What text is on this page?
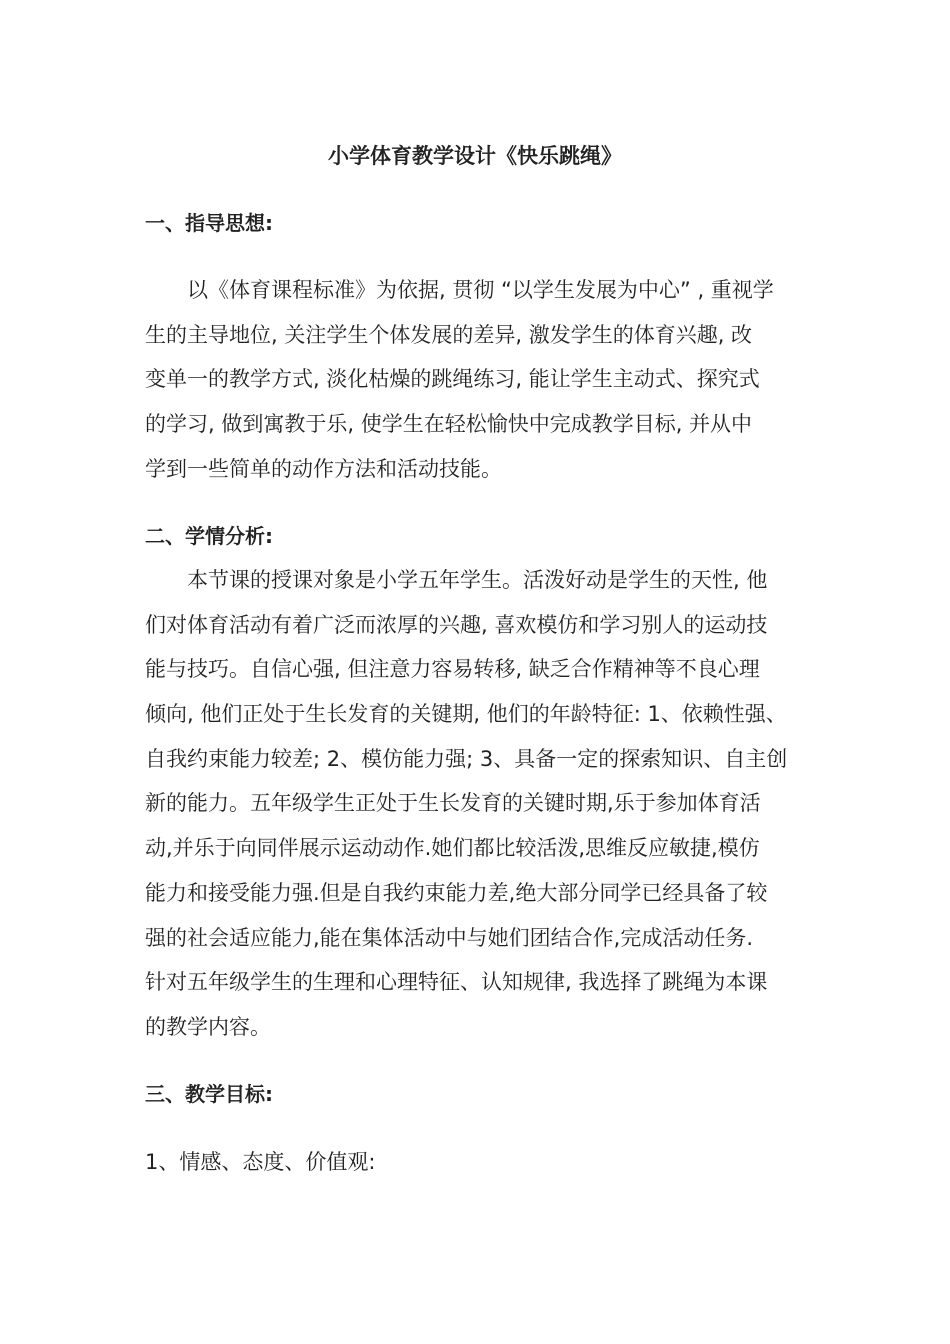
小学体育教学设计《快乐跳绳》
一、指导思想:
以《体育课程标准》为依据, 贯彻 “以学生发展为中心” , 重视学
生的主导地位, 关注学生个体发展的差异, 激发学生的体育兴趣, 改
变单一的教学方式, 淡化枯燥的跳绳练习, 能让学生主动式、探究式
的学习, 做到寓教于乐, 使学生在轻松愉快中完成教学目标, 并从中
学到一些简单的动作方法和活动技能。
二、学情分析:
本节课的授课对象是小学五年学生。活泼好动是学生的天性, 他
们对体育活动有着广泛而浓厚的兴趣, 喜欢模仿和学习别人的运动技
能与技巧。自信心强, 但注意力容易转移, 缺乏合作精神等不良心理
倾向, 他们正处于生长发育的关键期, 他们的年龄特征: 1、依赖性强、
自我约束能力较差; 2、模仿能力强; 3、具备一定的探索知识、自主创
新的能力。五年级学生正处于生长发育的关键时期,乐于参加体育活
动,并乐于向同伴展示运动动作.她们都比较活泼,思维反应敏捷,模仿
能力和接受能力强.但是自我约束能力差,绝大部分同学已经具备了较
强的社会适应能力,能在集体活动中与她们团结合作,完成活动任务.
针对五年级学生的生理和心理特征、认知规律, 我选择了跳绳为本课
的教学内容。
三、教学目标:
1、情感、态度、价值观:
